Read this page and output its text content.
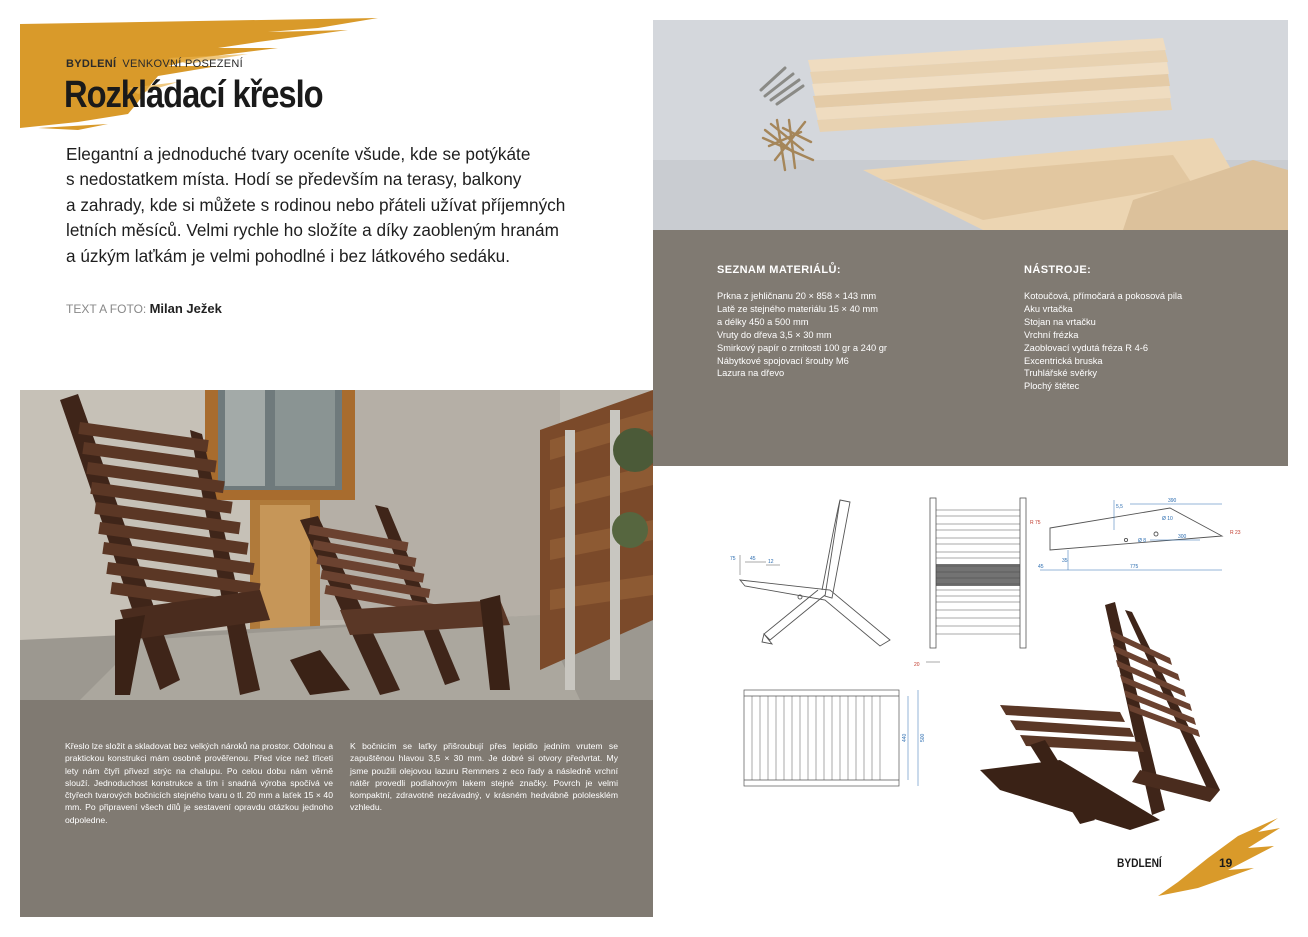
BYDLENÍ VENKOVNÍ POSEZENÍ
Rozkládací křeslo
Elegantní a jednoduché tvary oceníte všude, kde se potýkáte
s nedostatkem místa. Hodí se především na terasy, balkony
a zahrady, kde si můžete s rodinou nebo přáteli užívat příjemných
letních měsíců. Velmi rychle ho složíte a díky zaobleným hranám
a úzkým laťkám je velmi pohodlné i bez látkového sedáku.
TEXT A FOTO: Milan Ježek

Křeslo lze složit a skladovat bez velkých nároků na prostor. Odolnou a praktickou konstrukci mám osobně prověřenou. Před více než třiceti lety nám čtyři přivezl strýc na chalupu. Po celou dobu nám věrně slouží. Jednoduchost konstrukce a tím i snadná výroba spočívá ve čtyřech tvarových bočnicích stejného tvaru o tl. 20 mm a laťek 15 × 40 mm. Po připravení všech dílů je sestavení opravdu otázkou jednoho odpoledne.

K bočnicím se laťky přišroubují přes lepidlo jedním vrutem se zapuštěnou hlavou 3,5 × 30 mm. Je dobré si otvory předvrtat. My jsme použili olejovou lazuru Remmers z eco řady a následně vrchní nátěr provedli podlahovým lakem stejné značky. Povrch je velmi kompaktní, zdravotně nezávadný, v krásném hedvábně pololesklém vzhledu.

SEZNAM MATERIÁLŮ:
Prkna z jehličnanu 20 × 858 × 143 mm
Latě ze stejného materiálu 15 × 40 mm
a délky 450 a 500 mm
Vruty do dřeva 3,5 × 30 mm
Smirkový papír o zrnitosti 100 gr a 240 gr
Nábytkové spojovací šrouby M6
Lazura na dřevo
NÁSTROJE:
Kotoučová, přímočará a pokosová pila
Aku vrtačka
Stojan na vrtačku
Vrchní frézka
Zaoblovací vydutá fréza R 4-6
Excentrická bruska
Truhlářské svěrky
Plochý štětec
75	45 12
R 75
20
390
5,5
Ø 10
R 23
Ø 8
300
45
35
775
440 500
BYDLENÍ	19
